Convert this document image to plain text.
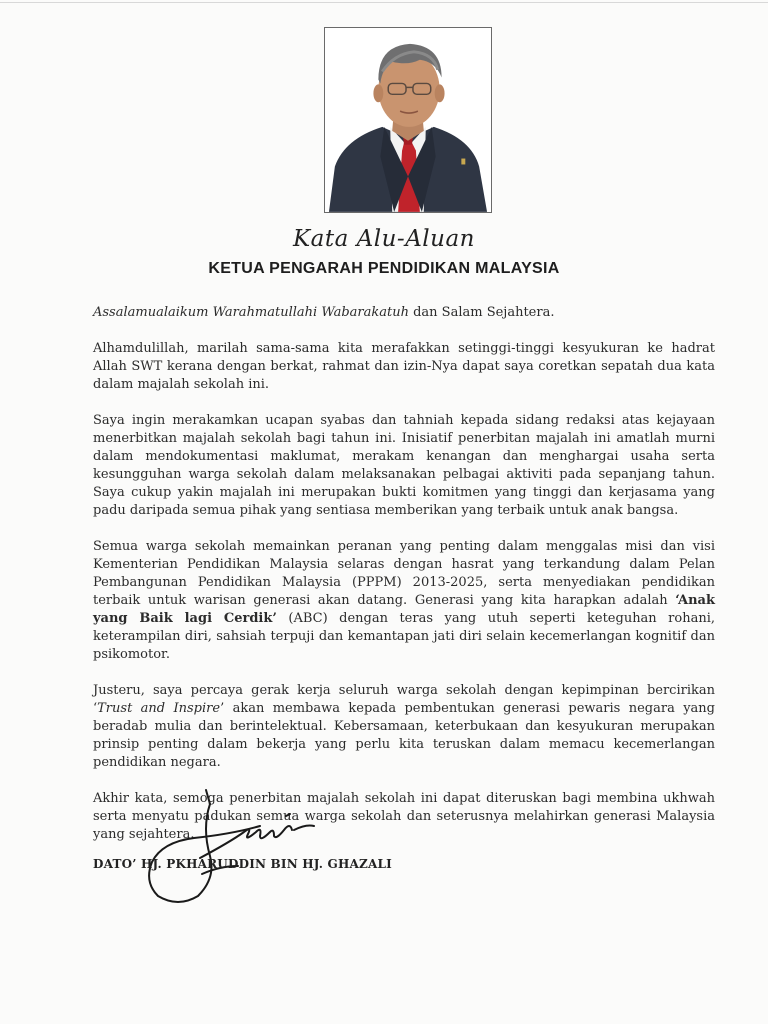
Kata Alu-Aluan
KETUA PENGARAH PENDIDIKAN MALAYSIA

Assalamualaikum Warahmatullahi Wabarakatuh dan Salam Sejahtera.

Alhamdulillah, marilah sama-sama kita merafakkan setinggi-tinggi kesyukuran ke hadrat Allah SWT kerana dengan berkat, rahmat dan izin-Nya dapat saya coretkan sepatah dua kata dalam majalah sekolah ini.

Saya ingin merakamkan ucapan syabas dan tahniah kepada sidang redaksi atas kejayaan menerbitkan majalah sekolah bagi tahun ini. Inisiatif penerbitan majalah ini amatlah murni dalam mendokumentasi maklumat, merakam kenangan dan menghargai usaha serta kesungguhan warga sekolah dalam melaksanakan pelbagai aktiviti pada sepanjang tahun. Saya cukup yakin majalah ini merupakan bukti komitmen yang tinggi dan kerjasama yang padu daripada semua pihak yang sentiasa memberikan yang terbaik untuk anak bangsa.

Semua warga sekolah memainkan peranan yang penting dalam menggalas misi dan visi Kementerian Pendidikan Malaysia selaras dengan hasrat yang terkandung dalam Pelan Pembangunan Pendidikan Malaysia (PPPM) 2013-2025, serta menyediakan pendidikan terbaik untuk warisan generasi akan datang. Generasi yang kita harapkan adalah ‘Anak yang Baik lagi Cerdik’ (ABC) dengan teras yang utuh seperti keteguhan rohani, keterampilan diri, sahsiah terpuji dan kemantapan jati diri selain kecemerlangan kognitif dan psikomotor.

Justeru, saya percaya gerak kerja seluruh warga sekolah dengan kepimpinan bercirikan ‘Trust and Inspire’ akan membawa kepada pembentukan generasi pewaris negara yang beradab mulia dan berintelektual. Kebersamaan, keterbukaan dan kesyukuran merupakan prinsip penting dalam bekerja yang perlu kita teruskan dalam memacu kecemerlangan pendidikan negara.

Akhir kata, semoga penerbitan majalah sekolah ini dapat diteruskan bagi membina ukhwah serta menyatu padukan semua warga sekolah dan seterusnya melahirkan generasi Malaysia yang sejahtera.

DATO’ HJ. PKHARUDDIN BIN HJ. GHAZALI
